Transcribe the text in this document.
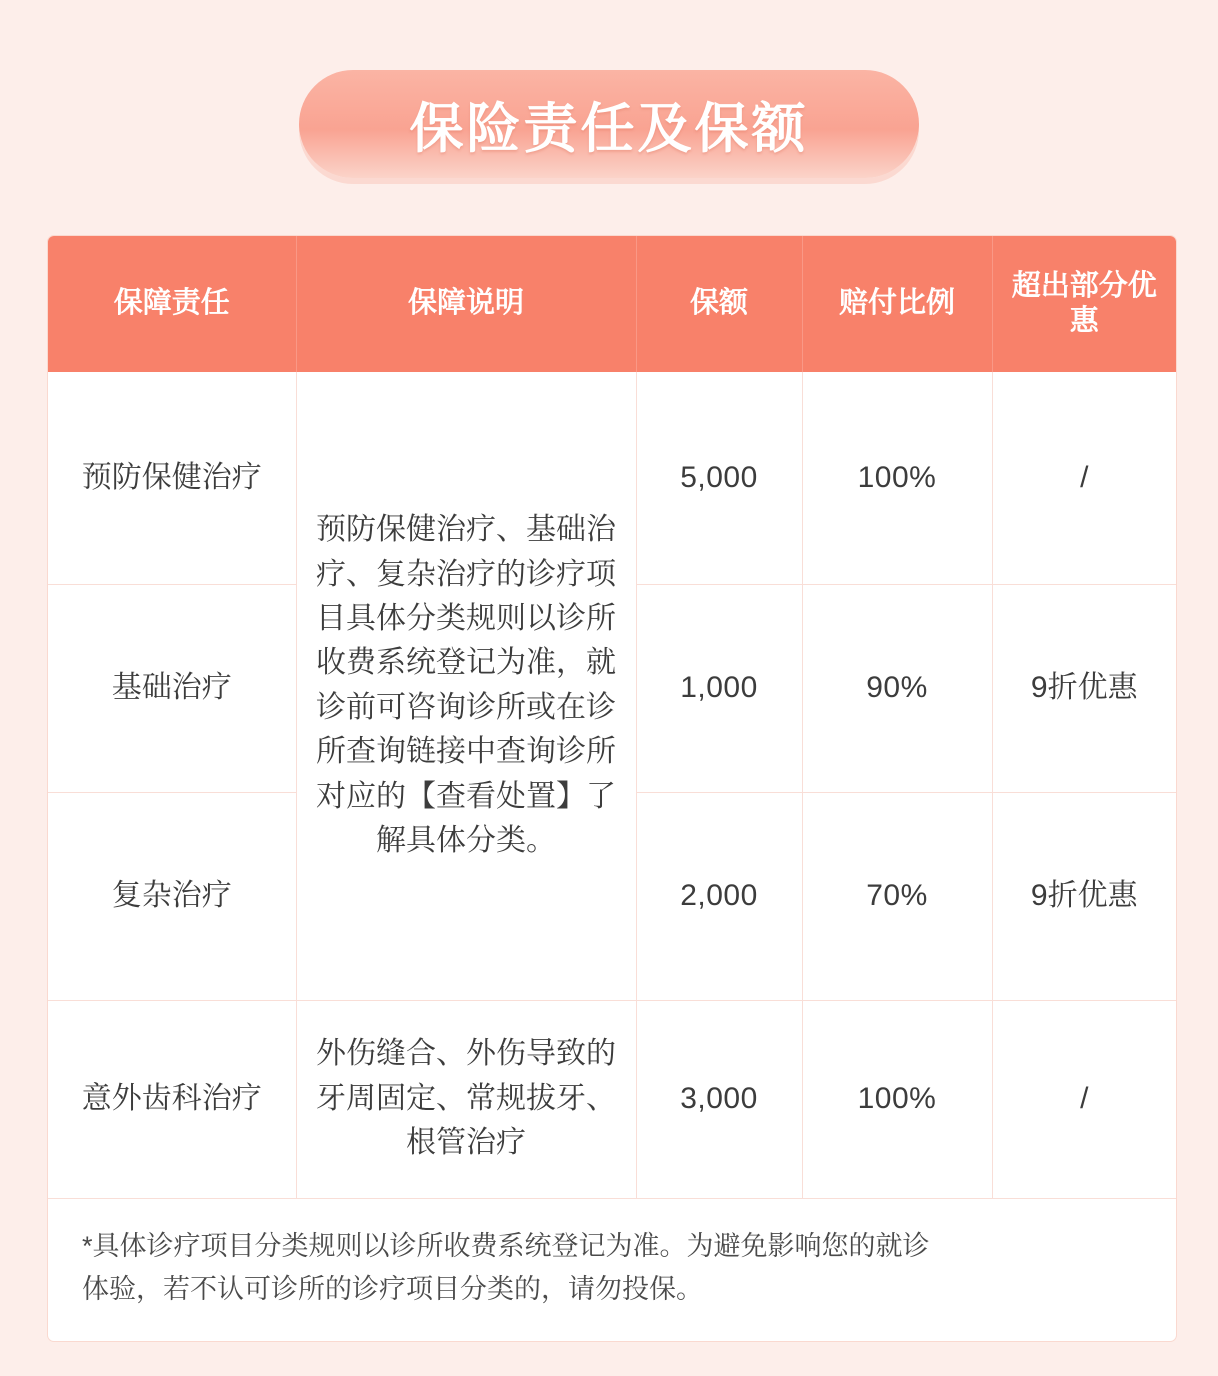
保险责任及保额
保障责任	保障说明	保额	赔付比例	超出部分优惠
预防保健治疗	预防保健治疗、基础治疗、复杂治疗的诊疗项目具体分类规则以诊所收费系统登记为准，就诊前可咨询诊所或在诊所查询链接中查询诊所对应的【查看处置】了解具体分类。	5,000	100%	/
基础治疗		1,000	90%	9折优惠
复杂治疗		2,000	70%	9折优惠
意外齿科治疗	外伤缝合、外伤导致的牙周固定、常规拔牙、根管治疗	3,000	100%	/
*具体诊疗项目分类规则以诊所收费系统登记为准。为避免影响您的就诊
体验，若不认可诊所的诊疗项目分类的，请勿投保。
